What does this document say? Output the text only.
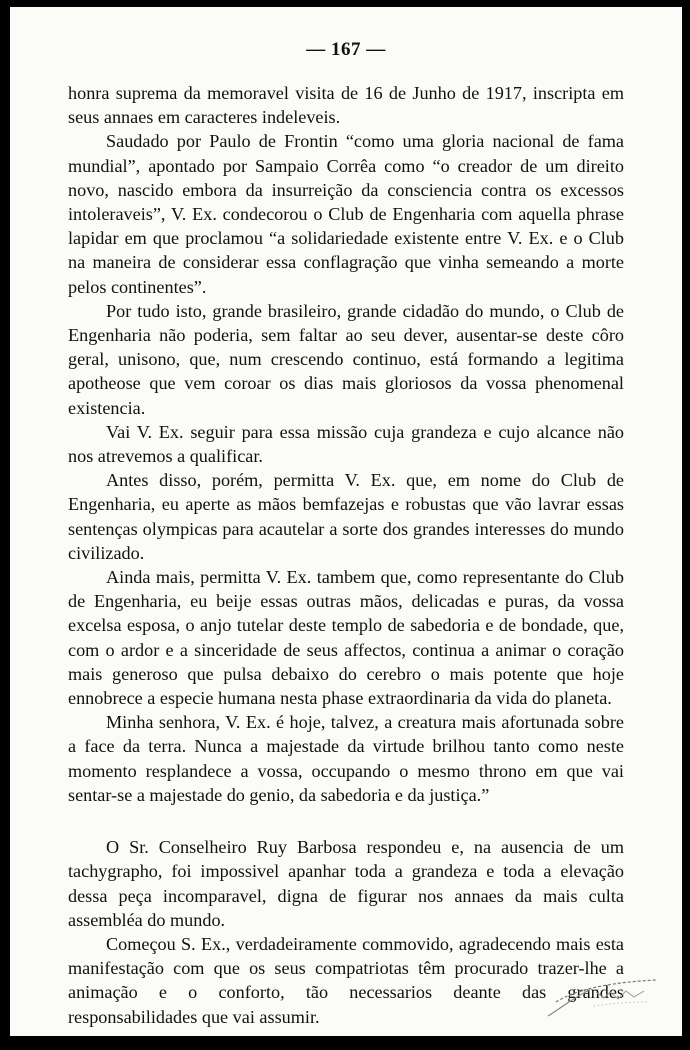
— 167 —

honra suprema da memoravel visita de 16 de Junho de 1917, inscripta em seus annaes em caracteres indeleveis.

Saudado por Paulo de Frontin “como uma gloria nacional de fama mundial”, apontado por Sampaio Corrêa como “o creador de um direito novo, nascido embora da insurreição da consciencia contra os excessos intoleraveis”, V. Ex. condecorou o Club de Engenharia com aquella phrase lapidar em que proclamou “a solidariedade existente entre V. Ex. e o Club na maneira de considerar essa conflagração que vinha semeando a morte pelos continentes”.

Por tudo isto, grande brasileiro, grande cidadão do mundo, o Club de Engenharia não poderia, sem faltar ao seu dever, ausentar-se deste côro geral, unisono, que, num crescendo continuo, está formando a legitima apotheose que vem coroar os dias mais gloriosos da vossa phenomenal existencia.

Vai V. Ex. seguir para essa missão cuja grandeza e cujo alcance não nos atrevemos a qualificar.

Antes disso, porém, permitta V. Ex. que, em nome do Club de Engenharia, eu aperte as mãos bemfazejas e robustas que vão lavrar essas sentenças olympicas para acautelar a sorte dos grandes interesses do mundo civilizado.

Ainda mais, permitta V. Ex. tambem que, como representante do Club de Engenharia, eu beije essas outras mãos, delicadas e puras, da vossa excelsa esposa, o anjo tutelar deste templo de sabedoria e de bondade, que, com o ardor e a sinceridade de seus affectos, continua a animar o coração mais generoso que pulsa debaixo do cerebro o mais potente que hoje ennobrece a especie humana nesta phase extraordinaria da vida do planeta.

Minha senhora, V. Ex. é hoje, talvez, a creatura mais afortunada sobre a face da terra. Nunca a majestade da virtude brilhou tanto como neste momento resplandece a vossa, occupando o mesmo throno em que vai sentar-se a majestade do genio, da sabedoria e da justiça.”

O Sr. Conselheiro Ruy Barbosa respondeu e, na ausencia de um tachygrapho, foi impossivel apanhar toda a grandeza e toda a elevação dessa peça incomparavel, digna de figurar nos annaes da mais culta assembléa do mundo.

Começou S. Ex., verdadeiramente commovido, agradecendo mais esta manifestação com que os seus compatriotas têm procurado trazer-lhe a animação e o conforto, tão necessarios deante das grandes responsabilidades que vai assumir.
